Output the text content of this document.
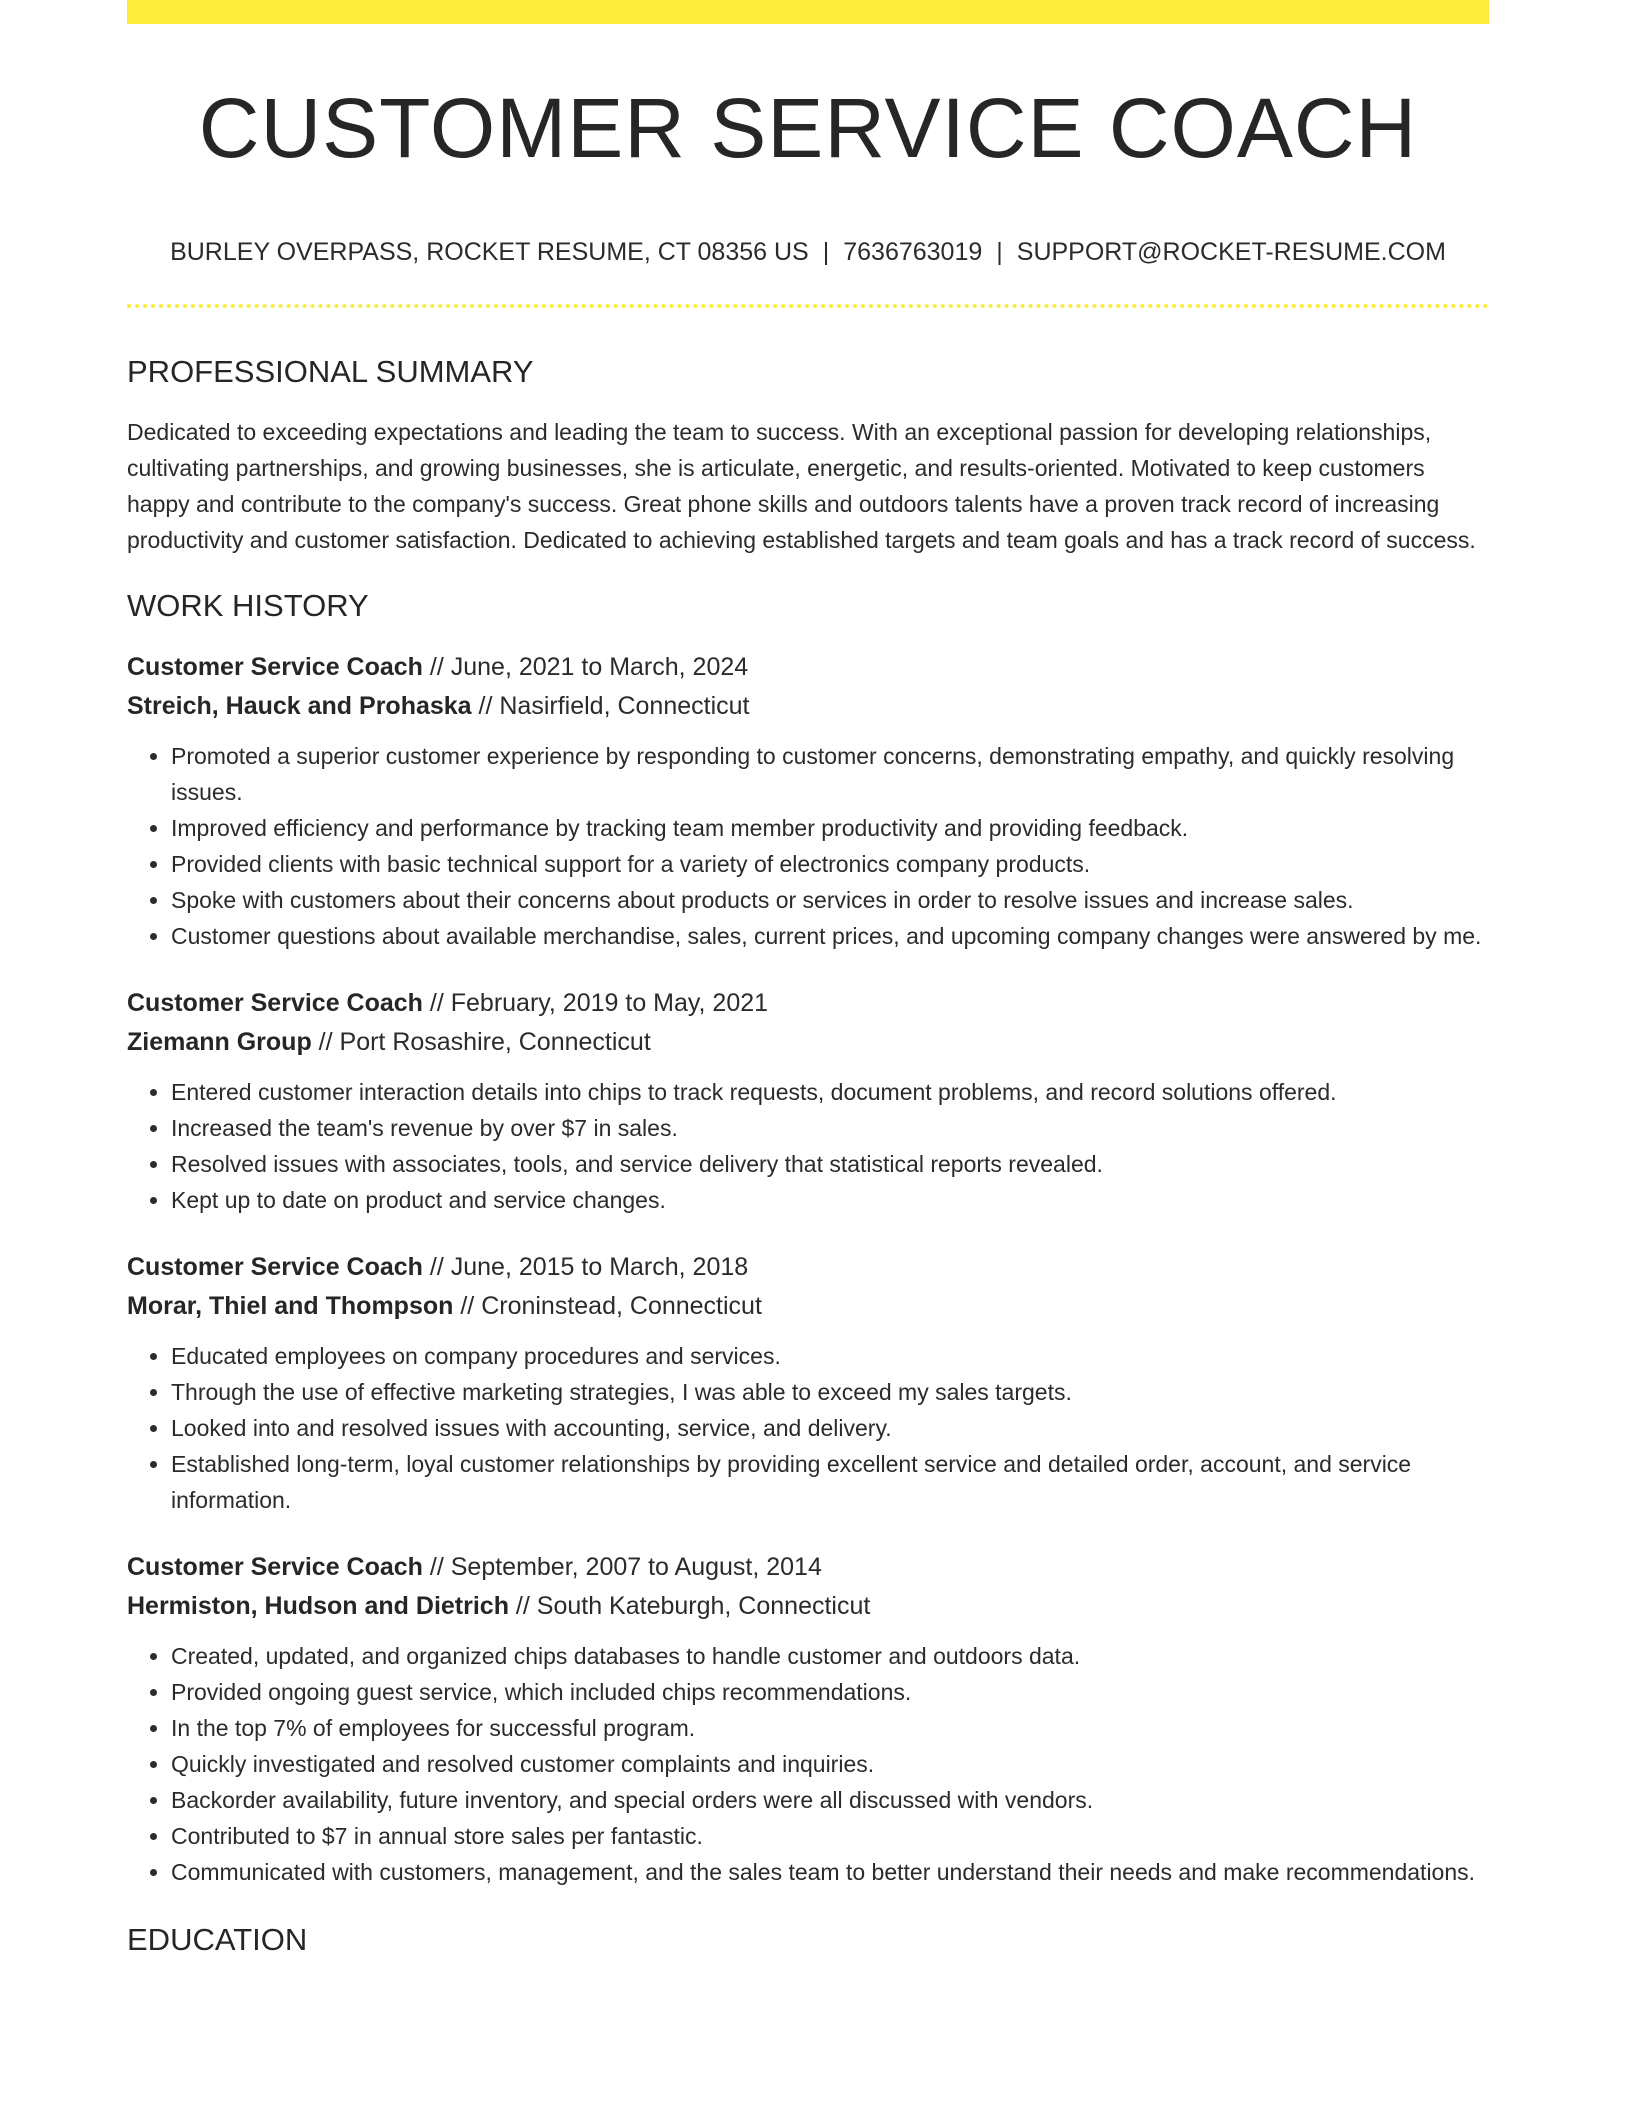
CUSTOMER SERVICE COACH
BURLEY OVERPASS, ROCKET RESUME, CT 08356 US | 7636763019 | SUPPORT@ROCKET-RESUME.COM
PROFESSIONAL SUMMARY
Dedicated to exceeding expectations and leading the team to success. With an exceptional passion for developing relationships, cultivating partnerships, and growing businesses, she is articulate, energetic, and results-oriented. Motivated to keep customers happy and contribute to the company's success. Great phone skills and outdoors talents have a proven track record of increasing productivity and customer satisfaction. Dedicated to achieving established targets and team goals and has a track record of success.
WORK HISTORY
Customer Service Coach // June, 2021 to March, 2024
Streich, Hauck and Prohaska // Nasirfield, Connecticut
• Promoted a superior customer experience by responding to customer concerns, demonstrating empathy, and quickly resolving issues.
• Improved efficiency and performance by tracking team member productivity and providing feedback.
• Provided clients with basic technical support for a variety of electronics company products.
• Spoke with customers about their concerns about products or services in order to resolve issues and increase sales.
• Customer questions about available merchandise, sales, current prices, and upcoming company changes were answered by me.
Customer Service Coach // February, 2019 to May, 2021
Ziemann Group // Port Rosashire, Connecticut
• Entered customer interaction details into chips to track requests, document problems, and record solutions offered.
• Increased the team's revenue by over $7 in sales.
• Resolved issues with associates, tools, and service delivery that statistical reports revealed.
• Kept up to date on product and service changes.
Customer Service Coach // June, 2015 to March, 2018
Morar, Thiel and Thompson // Croninstead, Connecticut
• Educated employees on company procedures and services.
• Through the use of effective marketing strategies, I was able to exceed my sales targets.
• Looked into and resolved issues with accounting, service, and delivery.
• Established long-term, loyal customer relationships by providing excellent service and detailed order, account, and service information.
Customer Service Coach // September, 2007 to August, 2014
Hermiston, Hudson and Dietrich // South Kateburgh, Connecticut
• Created, updated, and organized chips databases to handle customer and outdoors data.
• Provided ongoing guest service, which included chips recommendations.
• In the top 7% of employees for successful program.
• Quickly investigated and resolved customer complaints and inquiries.
• Backorder availability, future inventory, and special orders were all discussed with vendors.
• Contributed to $7 in annual store sales per fantastic.
• Communicated with customers, management, and the sales team to better understand their needs and make recommendations.
EDUCATION
